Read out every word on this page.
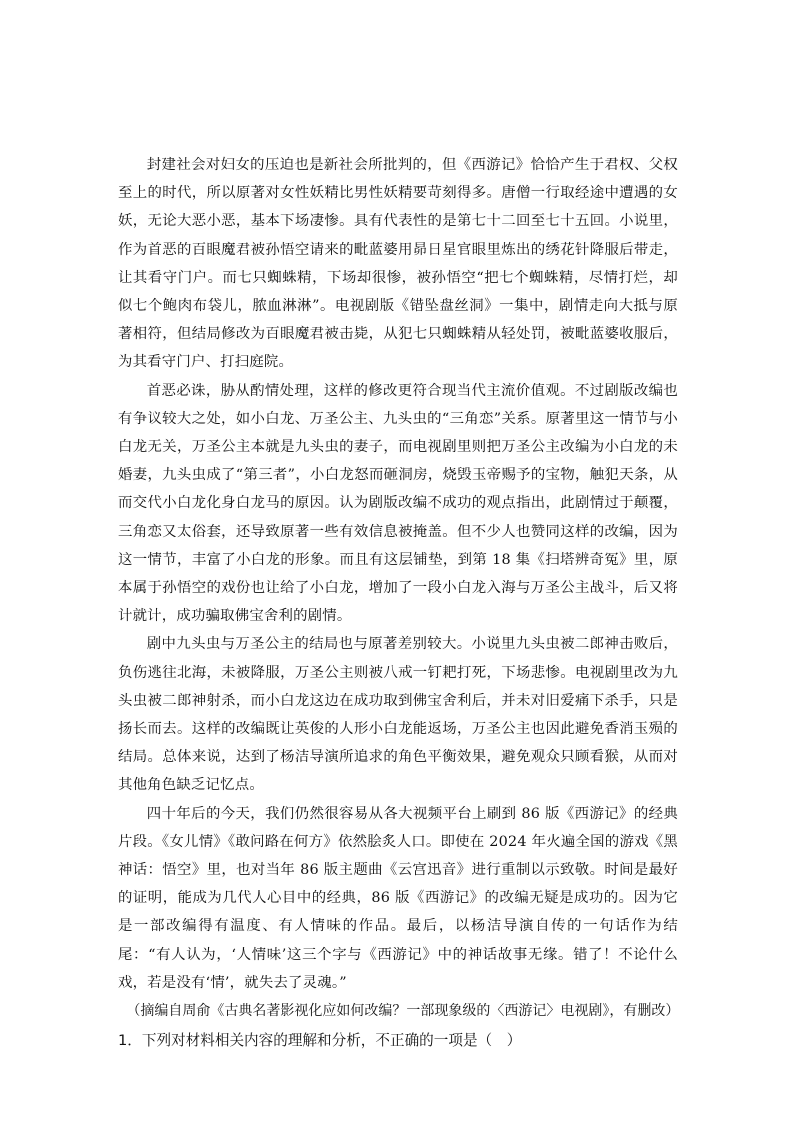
封建社会对妇女的压迫也是新社会所批判的，但《西游记》恰恰产生于君权、父权至上的时代，所以原著对女性妖精比男性妖精要苛刻得多。唐僧一行取经途中遭遇的女妖，无论大恶小恶，基本下场凄惨。具有代表性的是第七十二回至七十五回。小说里，作为首恶的百眼魔君被孙悟空请来的毗蓝婆用昴日星官眼里炼出的绣花针降服后带走，让其看守门户。而七只蜘蛛精，下场却很惨，被孙悟空“把七个蜘蛛精，尽情打烂，却似七个鲍肉布袋儿，脓血淋淋”。电视剧版《错坠盘丝洞》一集中，剧情走向大抵与原著相符，但结局修改为百眼魔君被击毙，从犯七只蜘蛛精从轻处罚，被毗蓝婆收服后，为其看守门户、打扫庭院。

首恶必诛，胁从酌情处理，这样的修改更符合现当代主流价值观。不过剧版改编也有争议较大之处，如小白龙、万圣公主、九头虫的“三角恋”关系。原著里这一情节与小白龙无关，万圣公主本就是九头虫的妻子，而电视剧里则把万圣公主改编为小白龙的未婚妻，九头虫成了“第三者”，小白龙怒而砸洞房，烧毁玉帝赐予的宝物，触犯天条，从而交代小白龙化身白龙马的原因。认为剧版改编不成功的观点指出，此剧情过于颠覆，三角恋又太俗套，还导致原著一些有效信息被掩盖。但不少人也赞同这样的改编，因为这一情节，丰富了小白龙的形象。而且有这层铺垫，到第 18 集《扫塔辨奇冤》里，原本属于孙悟空的戏份也让给了小白龙，增加了一段小白龙入海与万圣公主战斗，后又将计就计，成功骗取佛宝舍利的剧情。

剧中九头虫与万圣公主的结局也与原著差别较大。小说里九头虫被二郎神击败后，负伤逃往北海，未被降服，万圣公主则被八戒一钉耙打死，下场悲惨。电视剧里改为九头虫被二郎神射杀，而小白龙这边在成功取到佛宝舍利后，并未对旧爱痛下杀手，只是扬长而去。这样的改编既让英俊的人形小白龙能返场，万圣公主也因此避免香消玉殒的结局。总体来说，达到了杨洁导演所追求的角色平衡效果，避免观众只顾看猴，从而对其他角色缺乏记忆点。

四十年后的今天，我们仍然很容易从各大视频平台上刷到 86 版《西游记》的经典片段。《女儿情》《敢问路在何方》依然脍炙人口。即使在 2024 年火遍全国的游戏《黑神话：悟空》里，也对当年 86 版主题曲《云宫迅音》进行重制以示致敬。时间是最好的证明，能成为几代人心目中的经典，86 版《西游记》的改编无疑是成功的。因为它是一部改编得有温度、有人情味的作品。最后，以杨洁导演自传的一句话作为结尾：“有人认为，‘人情味’这三个字与《西游记》中的神话故事无缘。错了！不论什么戏，若是没有‘情’，就失去了灵魂。”

（摘编自周俞《古典名著影视化应如何改编？一部现象级的〈西游记〉电视剧》，有删改）

1．下列对材料相关内容的理解和分析，不正确的一项是（　）
